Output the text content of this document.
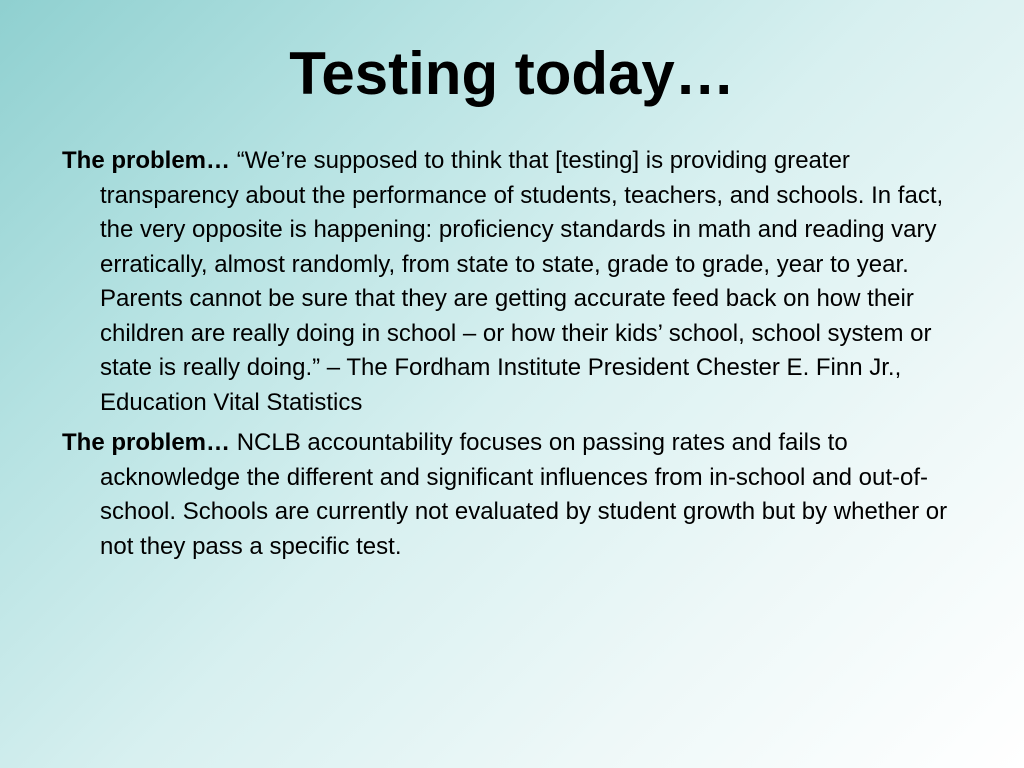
Testing today…
The problem… “We’re supposed to think that [testing] is providing greater transparency about the performance of students, teachers, and schools. In fact, the very opposite is happening: proficiency standards in math and reading vary erratically, almost randomly, from state to state, grade to grade, year to year. Parents cannot be sure that they are getting accurate feed back on how their children are really doing in school – or how their kids’ school, school system or state is really doing.” – The Fordham Institute President Chester E. Finn Jr., Education Vital Statistics
The problem… NCLB accountability focuses on passing rates and fails to acknowledge the different and significant influences from in-school and out-of-school. Schools are currently not evaluated by student growth but by whether or not they pass a specific test.
